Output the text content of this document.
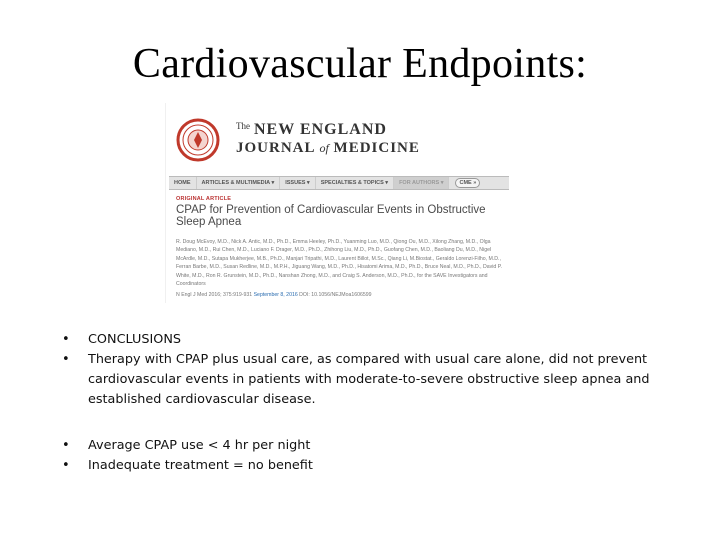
Cardiovascular Endpoints:
$^{The}$ NEW ENGLAND
JOURNAL of MEDICINE
HOME	ARTICLES & MULTIMEDIA ▾	ISSUES ▾	SPECIALTIES & TOPICS ▾	FOR AUTHORS ▾	CME »
ORIGINAL ARTICLE
CPAP for Prevention of Cardiovascular Events in Obstructive Sleep Apnea
R. Doug McEvoy, M.D., Nick A. Antic, M.D., Ph.D., Emma Heeley, Ph.D., Yuanming Luo, M.D., Qiong Ou, M.D., Xilong Zhang, M.D., Olga Mediano, M.D., Rui Chen, M.D., Luciano F. Drager, M.D., Ph.D., Zhihong Liu, M.D., Ph.D., Guofang Chen, M.D., Baoliang Du, M.D., Nigel McArdle, M.D., Sutapa Mukherjee, M.B., Ph.D., Manjari Tripathi, M.D., Laurent Billot, M.Sc., Qiang Li, M.Biostat., Geraldo Lorenzi-Filho, M.D., Ferran Barbe, M.D., Susan Redline, M.D., M.P.H., Jiguang Wang, M.D., Ph.D., Hisatomi Arima, M.D., Ph.D., Bruce Neal, M.D., Ph.D., David P. White, M.D., Ron R. Grunstein, M.D., Ph.D., Nanshan Zhong, M.D., and Craig S. Anderson, M.D., Ph.D., for the SAVE Investigators and Coordinators
N Engl J Med 2016; 375:919-931 September 8, 2016 DOI: 10.1056/NEJMoa1606599
• CONCLUSIONS
• Therapy with CPAP plus usual care, as compared with usual care alone, did not prevent cardiovascular events in patients with moderate-to-severe obstructive sleep apnea and established cardiovascular disease.
• Average CPAP use < 4 hr per night
• Inadequate treatment = no benefit
